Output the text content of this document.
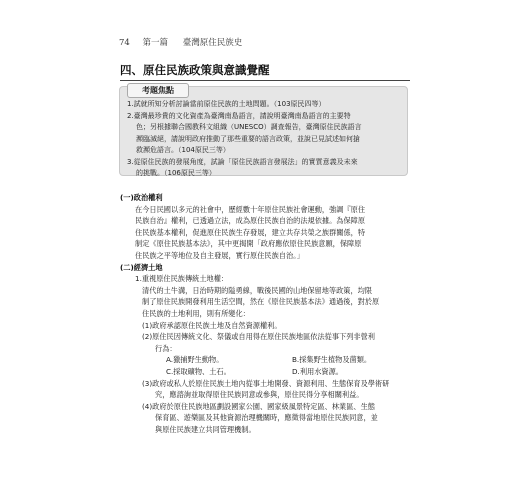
74 第一篇 臺灣原住民族史
四、原住民族政策與意識覺醒
考題焦點
1.試就所知分析討論當前原住民族的土地問題。（103原民四等）
2.臺灣最珍貴的文化資產為臺灣南島語言，請說明臺灣南島語言的主要特
色；另根據聯合國教科文組織（UNESCO）調查報告，臺灣原住民族語言
瀕臨滅絕，請說明政府推動了那些重要的語言政策，並說已見試述如何搶
救瀕危語言。（104原民三等）
3.從原住民族的發展角度，試論「原住民族語言發展法」的實質意義及未來
的挑戰。（106原民三等）
(一)政治權利
在今日民國以多元的社會中，歷經數十年原住民族社會運動，強調『原住
民族自治』權利，已透過立法，成為原住民族自治的法規依據。為保障原
住民族基本權利，促進原住民族生存發展，建立共存共榮之族群關係，特
制定《原住民族基本法》，其中更揭開「政府應依原住民族意願，保障原
住民族之平等地位及自主發展，實行原住民族自治。」
(二)經濟土地
1.重視原住民族傳統土地權：
清代的土牛溝，日治時期的隘勇線，戰後民國的山地保留地等政策，均限
制了原住民族開發利用生活空間，然在《原住民族基本法》通過後，對於原
住民族的土地利用，則有所變化：
(1)政府承認原住民族土地及自然資源權利。
(2)原住民因傳統文化、祭儀或自用得在原住民族地區依法從事下列非營利
行為：
A.獵捕野生動物。	B.採集野生植物及菌類。
C.採取礦物、土石。	D.利用水資源。
(3)政府或私人於原住民族土地內從事土地開發、資源利用、生態保育及學術研
究，應諮詢並取得原住民族同意或參與，原住民得分享相關利益。
(4)政府於原住民族地區劃設國家公園、國家級風景特定區、林業區、生態
保育區、遊樂區及其他資源治理機關時，應徵得當地原住民族同意，並
與原住民族建立共同管理機制。
